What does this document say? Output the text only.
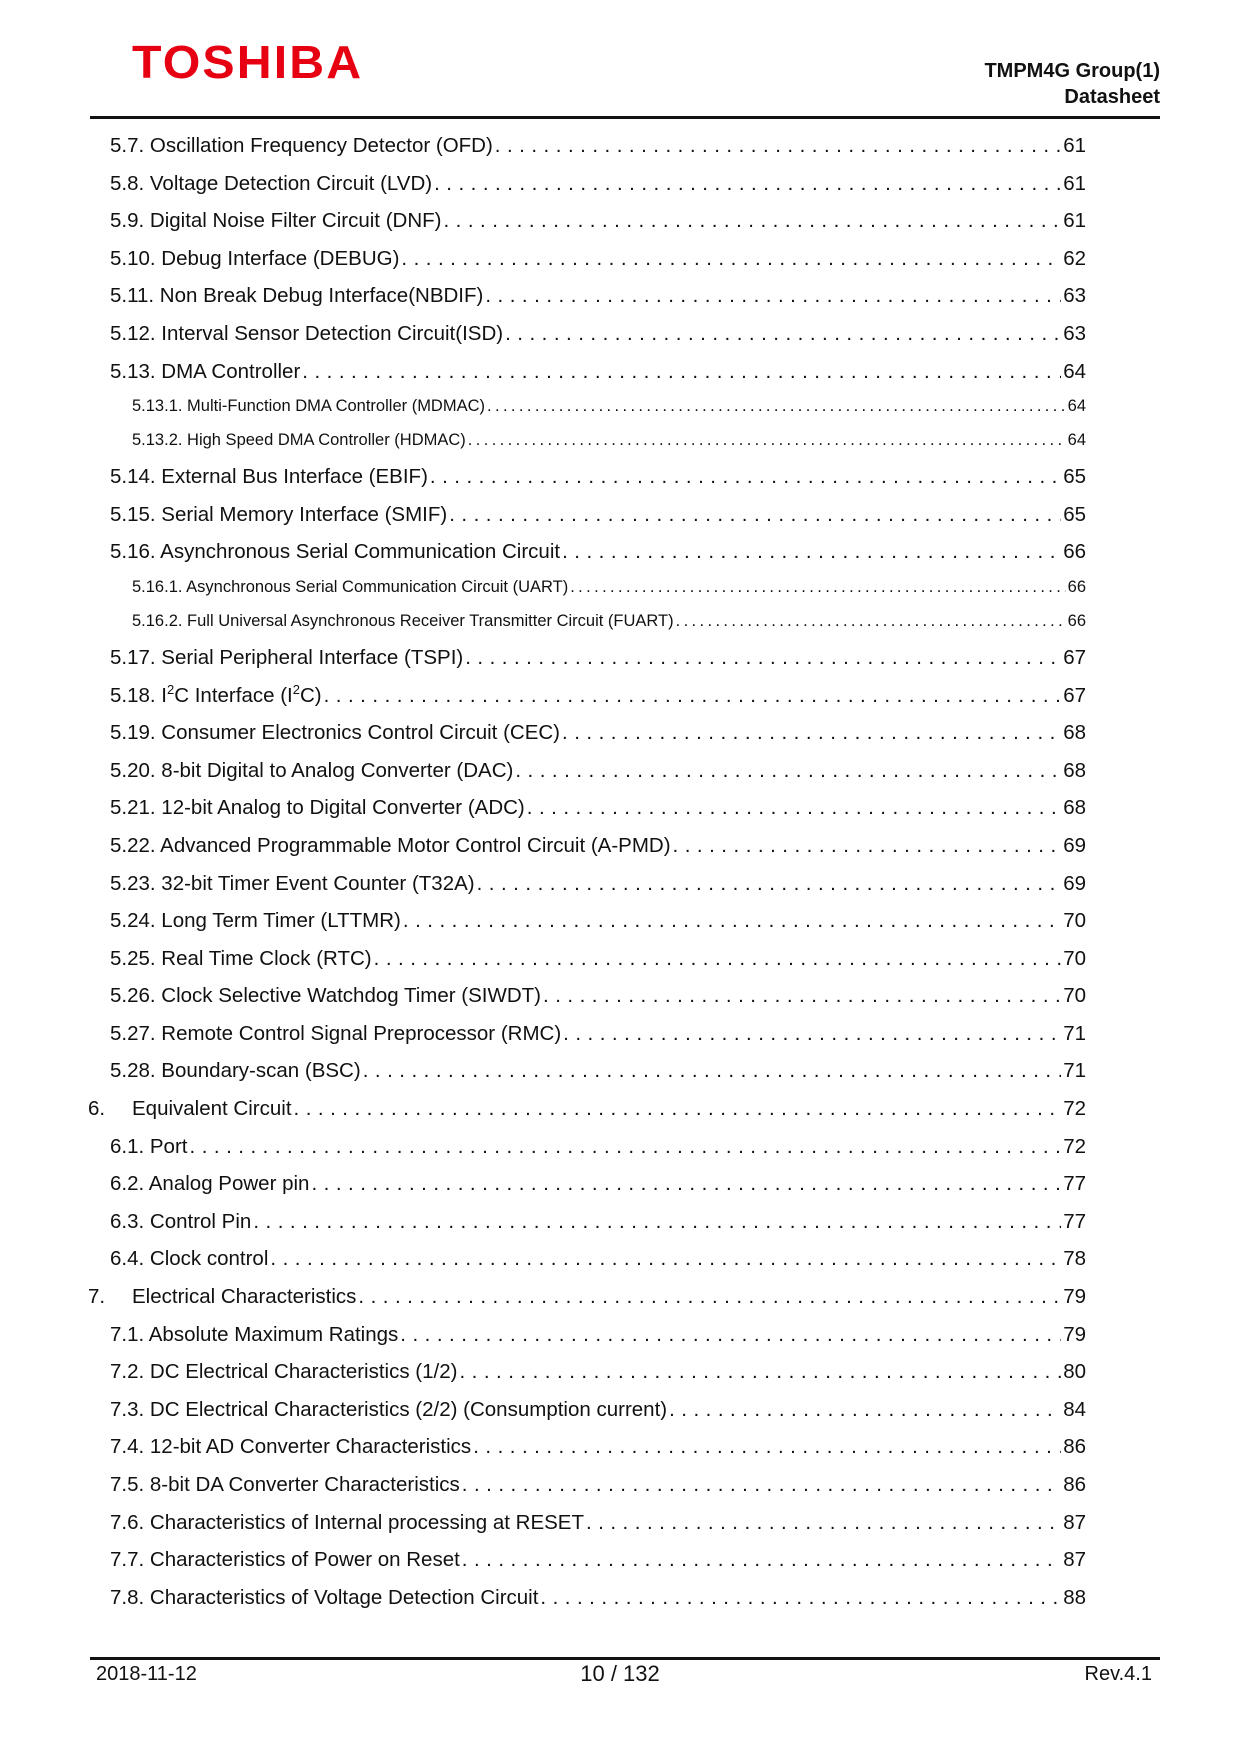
TOSHIBA	TMPM4G Group(1)
Datasheet
5.7. Oscillation Frequency Detector (OFD) . . .	61
5.8. Voltage Detection Circuit (LVD) . . .	61
5.9. Digital Noise Filter Circuit (DNF) . . .	61
5.10. Debug Interface (DEBUG) . . .	62
5.11. Non Break Debug Interface(NBDIF) . . .	63
5.12. Interval Sensor Detection Circuit(ISD) . . .	63
5.13. DMA Controller . . .	64
5.13.1. Multi-Function DMA Controller (MDMAC) . . .	64
5.13.2. High Speed DMA Controller (HDMAC) . . .	64
5.14. External Bus Interface (EBIF) . . .	65
5.15. Serial Memory Interface (SMIF) . . .	65
5.16. Asynchronous Serial Communication Circuit . . .	66
5.16.1. Asynchronous Serial Communication Circuit (UART) . . .	66
5.16.2. Full Universal Asynchronous Receiver Transmitter Circuit (FUART) . . .	66
5.17. Serial Peripheral Interface (TSPI) . . .	67
5.18. $I^2C$ Interface $(I^2C)$ . . .	67
5.19. Consumer Electronics Control Circuit (CEC) . . .	68
5.20. 8-bit Digital to Analog Converter (DAC) . . .	68
5.21. 12-bit Analog to Digital Converter (ADC) . . .	68
5.22. Advanced Programmable Motor Control Circuit (A-PMD) . . .	69
5.23. 32-bit Timer Event Counter (T32A) . . .	69
5.24. Long Term Timer (LTTMR) . . .	70
5.25. Real Time Clock (RTC) . . .	70
5.26. Clock Selective Watchdog Timer (SIWDT) . . .	70
5.27. Remote Control Signal Preprocessor (RMC) . . .	71
5.28. Boundary-scan (BSC) . . .	71
6. Equivalent Circuit . . .	72
6.1. Port . . .	72
6.2. Analog Power pin . . .	77
6.3. Control Pin . . .	77
6.4. Clock control . . .	78
7. Electrical Characteristics . . .	79
7.1. Absolute Maximum Ratings . . .	79
7.2. DC Electrical Characteristics (1/2) . . .	80
7.3. DC Electrical Characteristics (2/2) (Consumption current) . . .	84
7.4. 12-bit AD Converter Characteristics . . .	86
7.5. 8-bit DA Converter Characteristics . . .	86
7.6. Characteristics of Internal processing at RESET . . .	87
7.7. Characteristics of Power on Reset . . .	87
7.8. Characteristics of Voltage Detection Circuit . . .	88
2018-11-12	10 / 132	Rev.4.1
